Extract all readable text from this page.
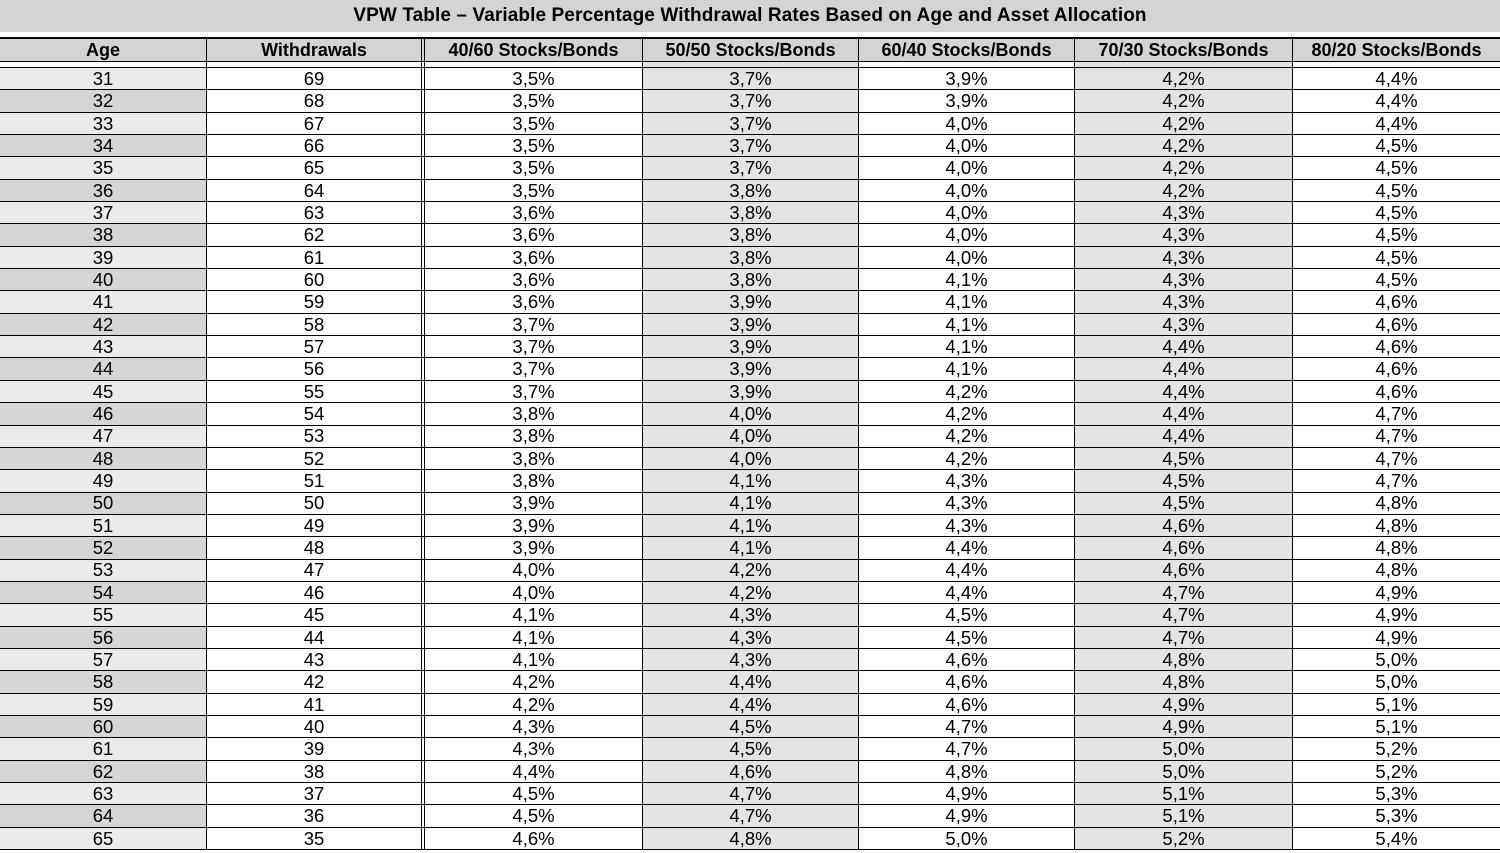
VPW Table – Variable Percentage Withdrawal Rates Based on Age and Asset Allocation
Age	Withdrawals	40/60 Stocks/Bonds	50/50 Stocks/Bonds	60/40 Stocks/Bonds	70/30 Stocks/Bonds	80/20 Stocks/Bonds
31	69	3,5%	3,7%	3,9%	4,2%	4,4%
32	68	3,5%	3,7%	3,9%	4,2%	4,4%
33	67	3,5%	3,7%	4,0%	4,2%	4,4%
34	66	3,5%	3,7%	4,0%	4,2%	4,5%
35	65	3,5%	3,7%	4,0%	4,2%	4,5%
36	64	3,5%	3,8%	4,0%	4,2%	4,5%
37	63	3,6%	3,8%	4,0%	4,3%	4,5%
38	62	3,6%	3,8%	4,0%	4,3%	4,5%
39	61	3,6%	3,8%	4,0%	4,3%	4,5%
40	60	3,6%	3,8%	4,1%	4,3%	4,5%
41	59	3,6%	3,9%	4,1%	4,3%	4,6%
42	58	3,7%	3,9%	4,1%	4,3%	4,6%
43	57	3,7%	3,9%	4,1%	4,4%	4,6%
44	56	3,7%	3,9%	4,1%	4,4%	4,6%
45	55	3,7%	3,9%	4,2%	4,4%	4,6%
46	54	3,8%	4,0%	4,2%	4,4%	4,7%
47	53	3,8%	4,0%	4,2%	4,4%	4,7%
48	52	3,8%	4,0%	4,2%	4,5%	4,7%
49	51	3,8%	4,1%	4,3%	4,5%	4,7%
50	50	3,9%	4,1%	4,3%	4,5%	4,8%
51	49	3,9%	4,1%	4,3%	4,6%	4,8%
52	48	3,9%	4,1%	4,4%	4,6%	4,8%
53	47	4,0%	4,2%	4,4%	4,6%	4,8%
54	46	4,0%	4,2%	4,4%	4,7%	4,9%
55	45	4,1%	4,3%	4,5%	4,7%	4,9%
56	44	4,1%	4,3%	4,5%	4,7%	4,9%
57	43	4,1%	4,3%	4,6%	4,8%	5,0%
58	42	4,2%	4,4%	4,6%	4,8%	5,0%
59	41	4,2%	4,4%	4,6%	4,9%	5,1%
60	40	4,3%	4,5%	4,7%	4,9%	5,1%
61	39	4,3%	4,5%	4,7%	5,0%	5,2%
62	38	4,4%	4,6%	4,8%	5,0%	5,2%
63	37	4,5%	4,7%	4,9%	5,1%	5,3%
64	36	4,5%	4,7%	4,9%	5,1%	5,3%
65	35	4,6%	4,8%	5,0%	5,2%	5,4%
